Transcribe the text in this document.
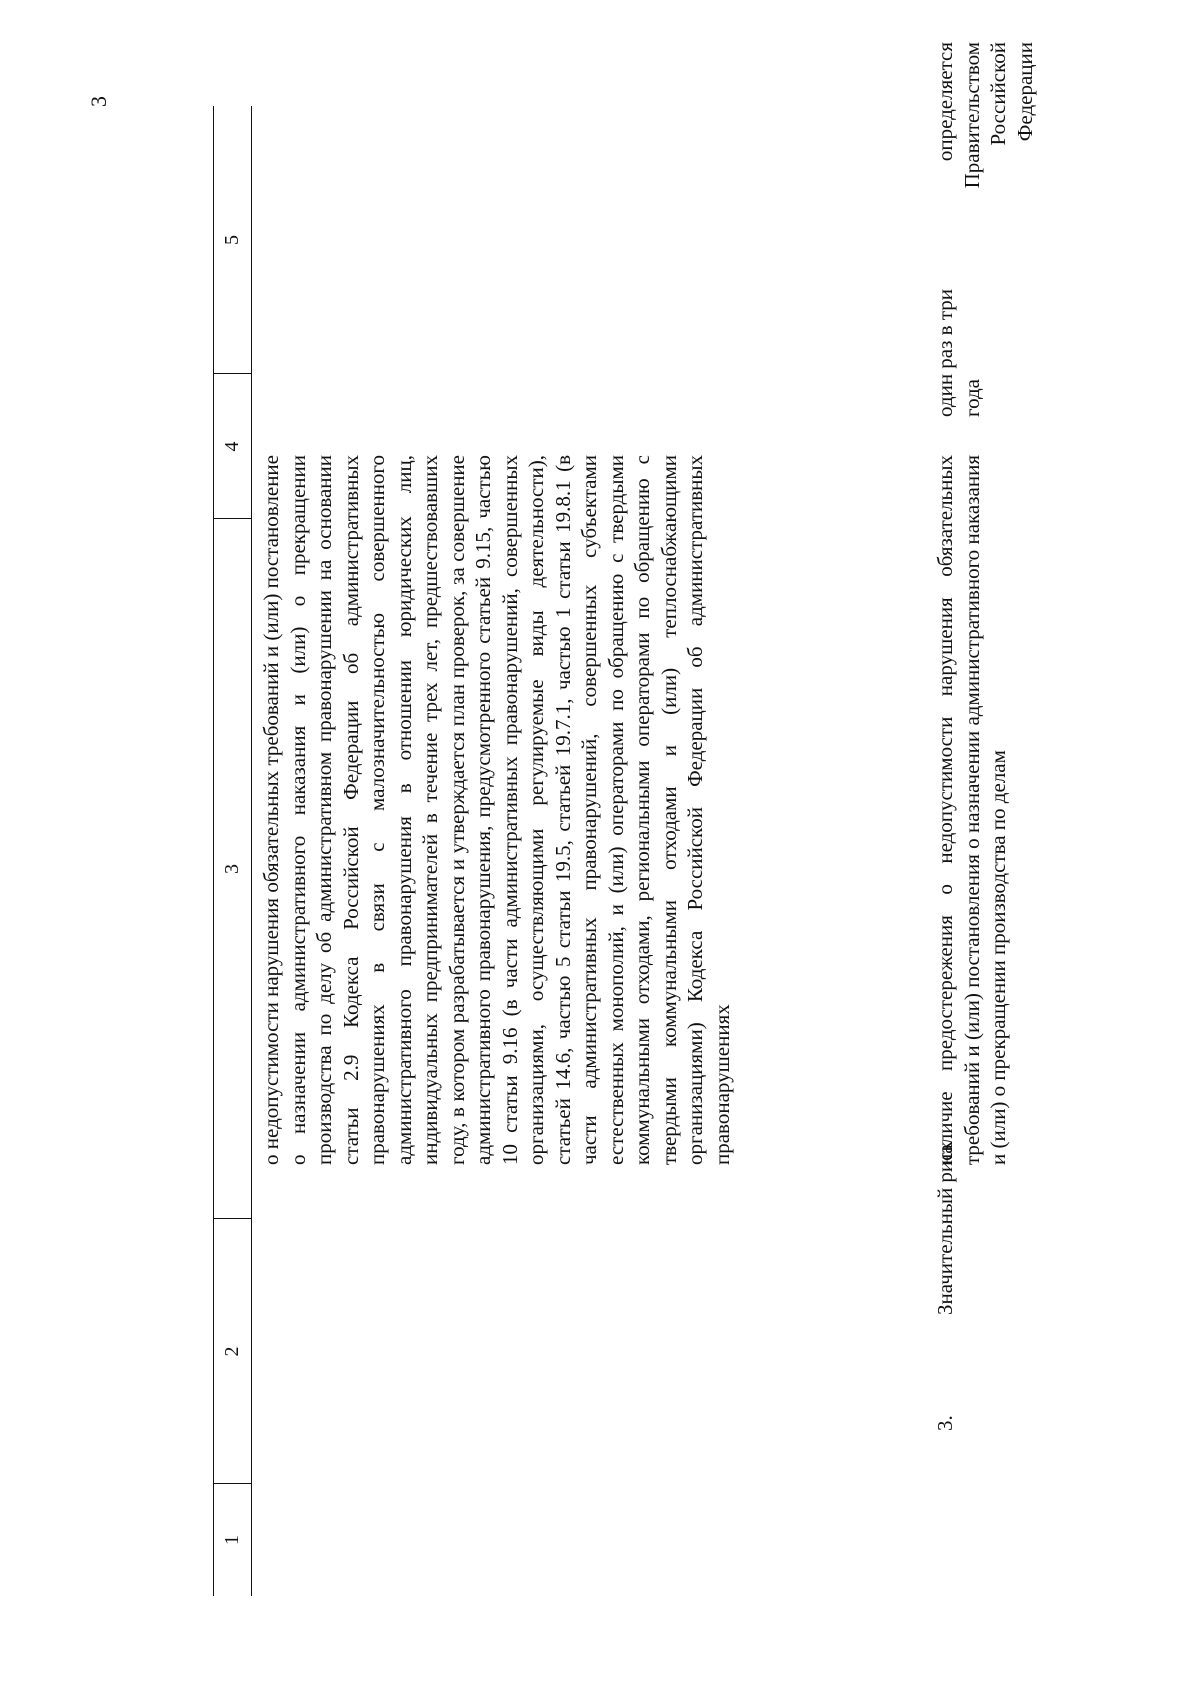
3
1
2
3
4
5
о недопустимости нарушения обязательных требований и (или) постановление о назначении административного наказания и (или) о прекращении производства по делу об административном правонарушении на основании статьи 2.9 Кодекса Российской Федерации об административных правонарушениях в связи с малозначительностью совершенного административного правонарушения в отношении юридических лиц, индивидуальных предпринимателей в течение трех лет, предшествовавших году, в котором разрабатывается и утверждается план проверок, за совершение административного правонарушения, предусмотренного статьей 9.15, частью 10 статьи 9.16 (в части административных правонарушений, совершенных организациями, осуществляющими регулируемые виды деятельности), статьей 14.6, частью 5 статьи 19.5, статьей 19.7.1, частью 1 статьи 19.8.1 (в части административных правонарушений, совершенных субъектами естественных монополий, и (или) операторами по обращению с твердыми коммунальными отходами, региональными операторами по обращению с твердыми коммунальными отходами и (или) теплоснабжающими организациями) Кодекса Российской Федерации об административных правонарушениях
3.
Значительный риск
наличие предостережения о недопустимости нарушения обязательных требований и (или) постановления о назначении административного наказания и (или) о прекращении производства по делам
один раз в три года
определяется Правительством Российской Федерации
